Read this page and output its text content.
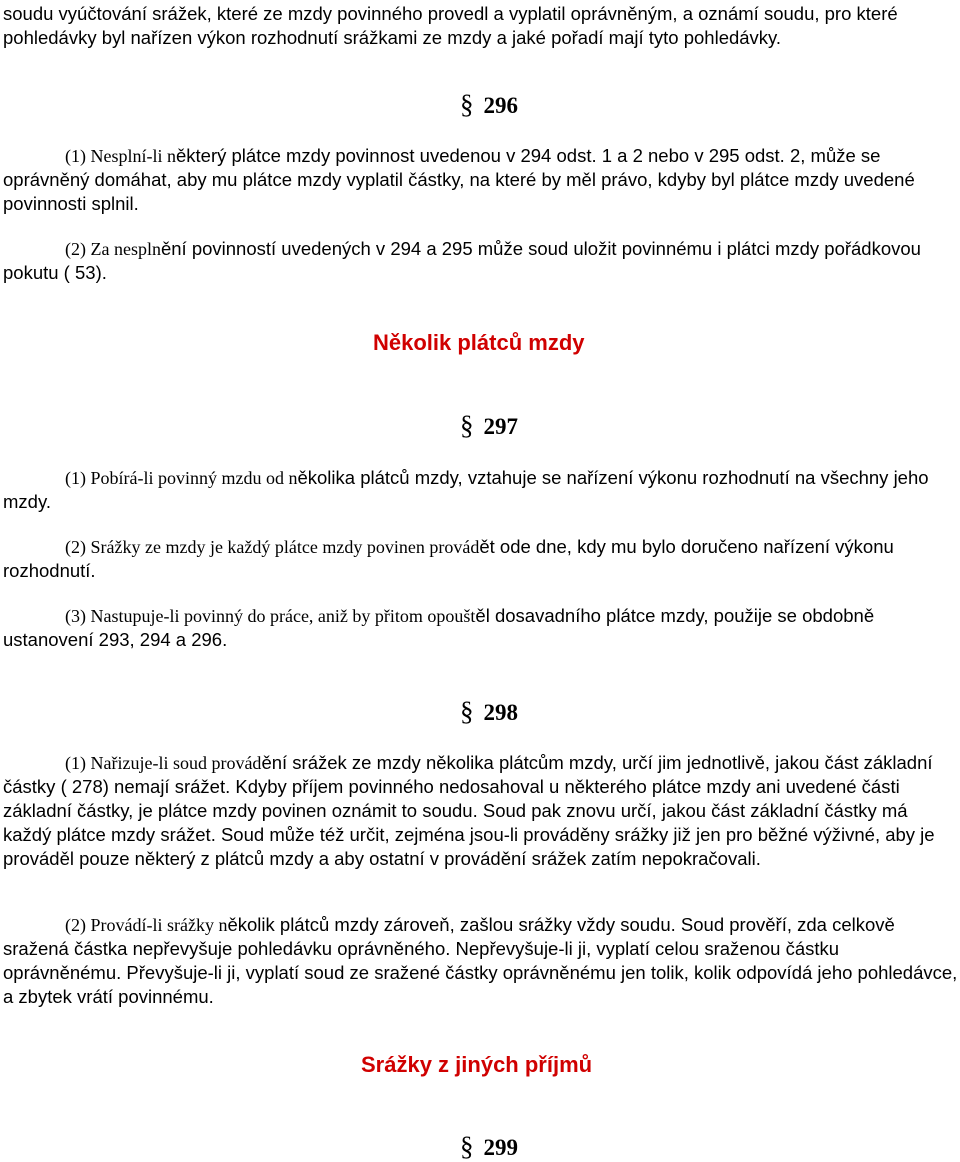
soudu vyúčtování srážek, které ze mzdy povinného provedl a vyplatil oprávněným, a oznámí soudu, pro které pohledávky byl nařízen výkon rozhodnutí srážkami ze mzdy a jaké pořadí mají tyto pohledávky.

§ 296

(1) Nesplní-li některý plátce mzdy povinnost uvedenou v 294 odst. 1 a 2 nebo v 295 odst. 2, může se oprávněný domáhat, aby mu plátce mzdy vyplatil částky, na které by měl právo, kdyby byl plátce mzdy uvedené povinnosti splnil.

(2) Za nesplnění povinností uvedených v 294 a 295 může soud uložit povinnému i plátci mzdy pořádkovou pokutu ( 53).

Několik plátců mzdy

§ 297

(1) Pobírá-li povinný mzdu od několika plátců mzdy, vztahuje se nařízení výkonu rozhodnutí na všechny jeho mzdy.

(2) Srážky ze mzdy je každý plátce mzdy povinen provádět ode dne, kdy mu bylo doručeno nařízení výkonu rozhodnutí.

(3) Nastupuje-li povinný do práce, aniž by přitom opouštěl dosavadního plátce mzdy, použije se obdobně ustanovení 293, 294 a 296.

§ 298

(1) Nařizuje-li soud provádění srážek ze mzdy několika plátcům mzdy, určí jim jednotlivě, jakou část základní částky ( 278) nemají srážet. Kdyby příjem povinného nedosahoval u některého plátce mzdy ani uvedené části základní částky, je plátce mzdy povinen oznámit to soudu. Soud pak znovu určí, jakou část základní částky má každý plátce mzdy srážet. Soud může též určit, zejména jsou-li prováděny srážky již jen pro běžné výživné, aby je prováděl pouze některý z plátců mzdy a aby ostatní v provádění srážek zatím nepokračovali.

(2) Provádí-li srážky několik plátců mzdy zároveň, zašlou srážky vždy soudu. Soud prověří, zda celkově sražená částka nepřevyšuje pohledávku oprávněného. Nepřevyšuje-li ji, vyplatí celou sraženou částku oprávněnému. Převyšuje-li ji, vyplatí soud ze sražené částky oprávněnému jen tolik, kolik odpovídá jeho pohledávce, a zbytek vrátí povinnému.

Srážky z jiných příjmů

§ 299
